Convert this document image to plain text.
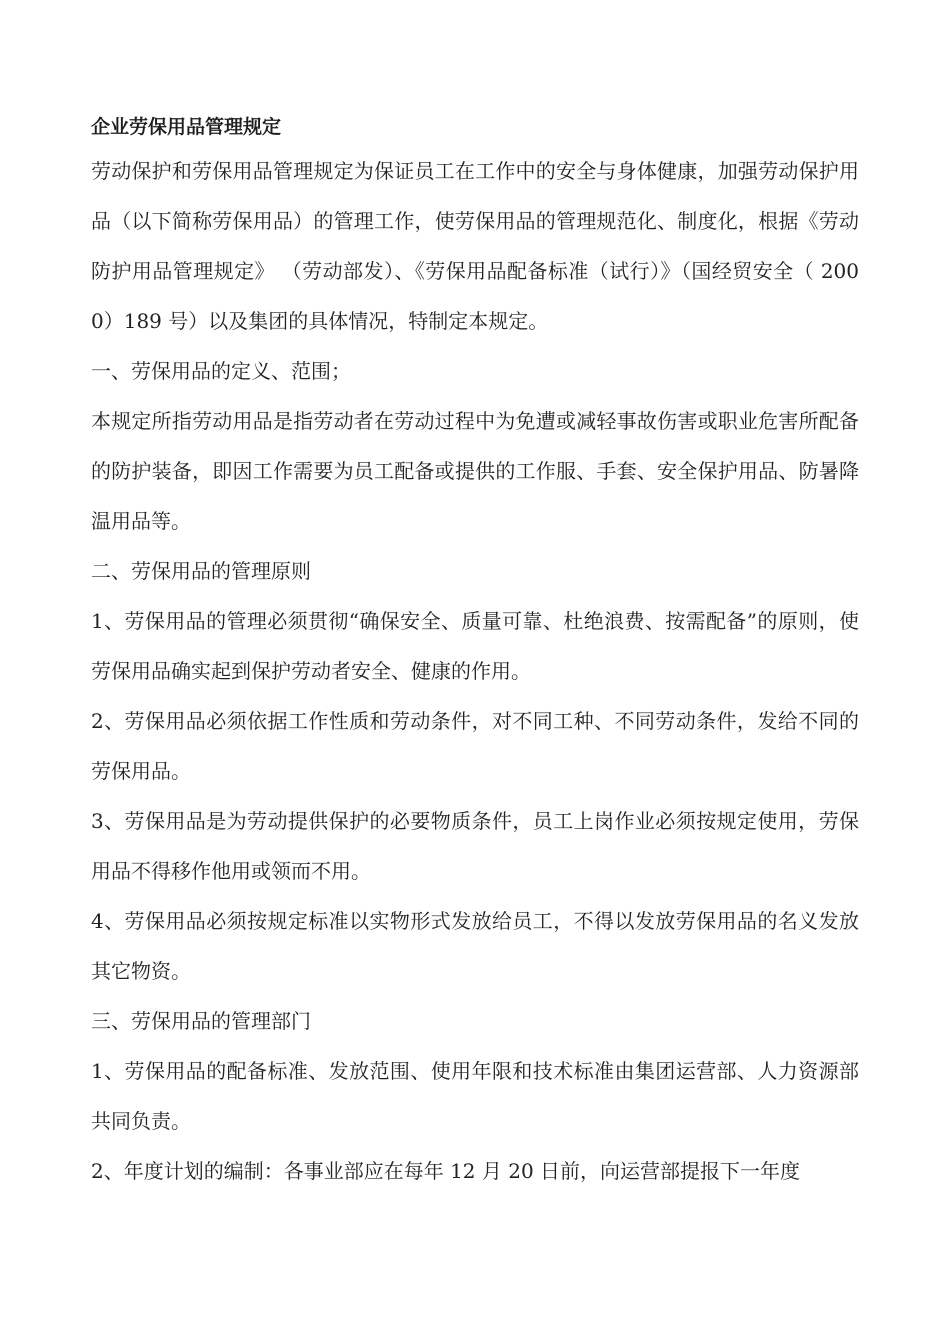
企业劳保用品管理规定

劳动保护和劳保用品管理规定为保证员工在工作中的安全与身体健康，加强劳动保护用品（以下简称劳保用品）的管理工作，使劳保用品的管理规范化、制度化，根据《劳动防护用品管理规定》 （劳动部发）、《劳保用品配备标准（试行）》（国经贸安全（ 2000）189 号）以及集团的具体情况，特制定本规定。

一、劳保用品的定义、范围；

本规定所指劳动用品是指劳动者在劳动过程中为免遭或减轻事故伤害或职业危害所配备的防护装备，即因工作需要为员工配备或提供的工作服、手套、安全保护用品、防暑降温用品等。

二、劳保用品的管理原则

1、劳保用品的管理必须贯彻“确保安全、质量可靠、杜绝浪费、按需配备”的原则，使劳保用品确实起到保护劳动者安全、健康的作用。

2、劳保用品必须依据工作性质和劳动条件，对不同工种、不同劳动条件，发给不同的劳保用品。

3、劳保用品是为劳动提供保护的必要物质条件，员工上岗作业必须按规定使用，劳保用品不得移作他用或领而不用。

4、劳保用品必须按规定标准以实物形式发放给员工，不得以发放劳保用品的名义发放其它物资。

三、劳保用品的管理部门

1、劳保用品的配备标准、发放范围、使用年限和技术标准由集团运营部、人力资源部共同负责。

2、年度计划的编制：各事业部应在每年 12 月 20 日前，向运营部提报下一年度
